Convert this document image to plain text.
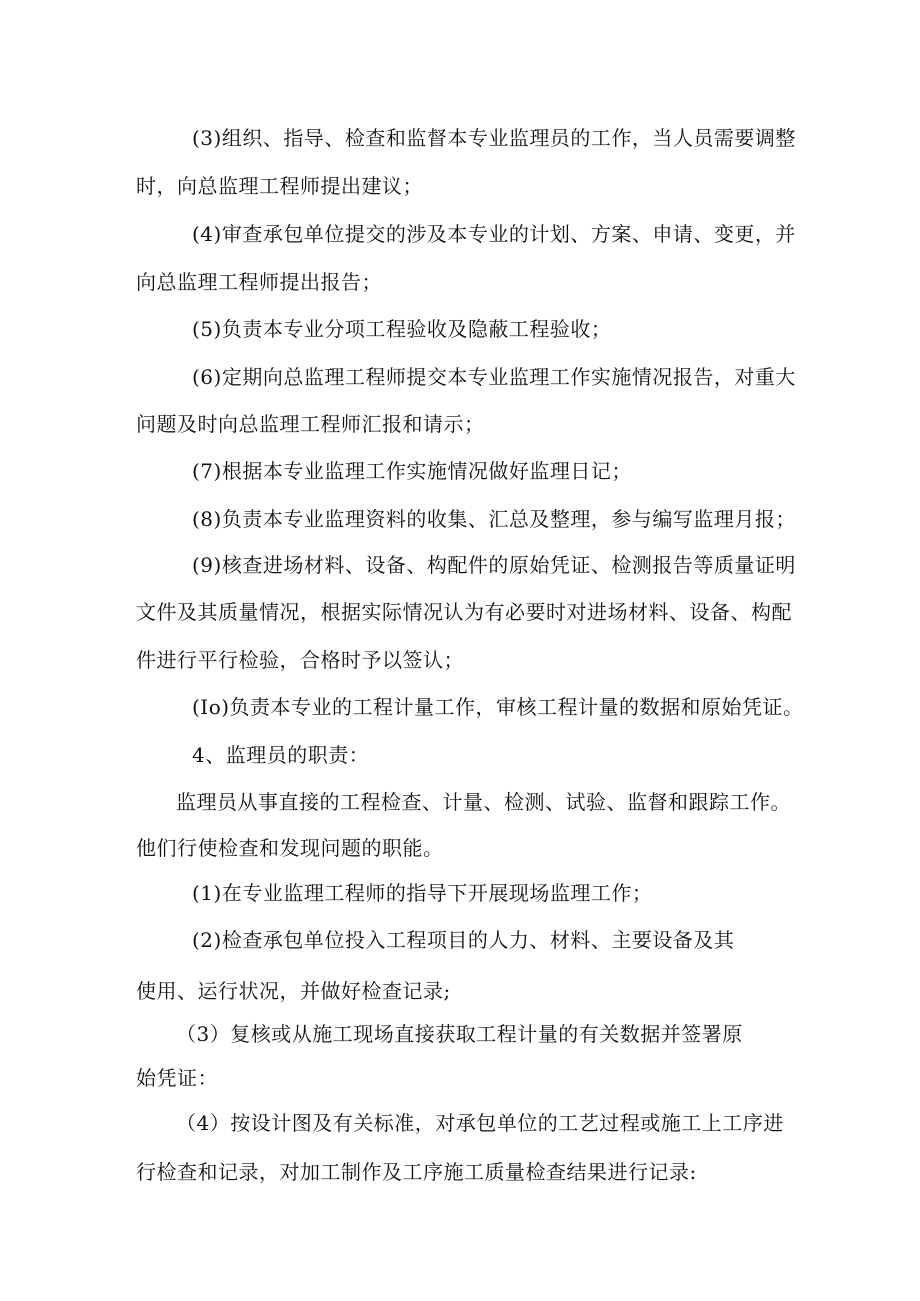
(3)组织、指导、检查和监督本专业监理员的工作，当人员需要调整
时，向总监理工程师提出建议；
(4)审查承包单位提交的涉及本专业的计划、方案、申请、变更，并
向总监理工程师提出报告；
(5)负责本专业分项工程验收及隐蔽工程验收；
(6)定期向总监理工程师提交本专业监理工作实施情况报告，对重大
问题及时向总监理工程师汇报和请示；
(7)根据本专业监理工作实施情况做好监理日记；
(8)负责本专业监理资料的收集、汇总及整理，参与编写监理月报；
(9)核查进场材料、设备、构配件的原始凭证、检测报告等质量证明
文件及其质量情况，根据实际情况认为有必要时对进场材料、设备、构配
件进行平行检验，合格时予以签认；
(Io)负责本专业的工程计量工作，审核工程计量的数据和原始凭证。
4、监理员的职责：
监理员从事直接的工程检查、计量、检测、试验、监督和跟踪工作。
他们行使检查和发现问题的职能。
(1)在专业监理工程师的指导下开展现场监理工作；
(2)检查承包单位投入工程项目的人力、材料、主要设备及其
使用、运行状况，并做好检查记录;
（3）复核或从施工现场直接获取工程计量的有关数据并签署原
始凭证：
（4）按设计图及有关标准，对承包单位的工艺过程或施工上工序进
行检查和记录，对加工制作及工序施工质量检查结果进行记录:
